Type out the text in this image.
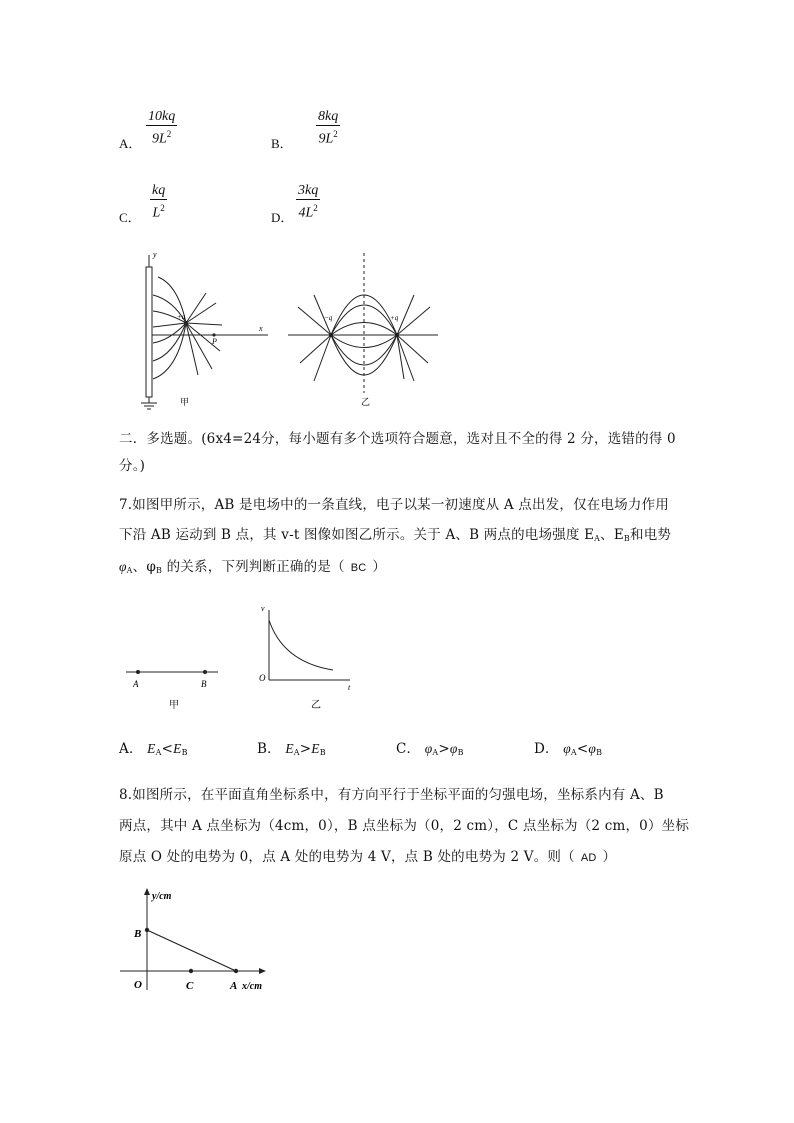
A．
10kq
$9L^2$
B．
8kq
$9L^2$
C．
kq
$L^2$
D．
3kq
$4L^2$
y
x
+q
P
甲
−q	+q
乙
二．多选题。(6x4=24分，每小题有多个选项符合题意，选对且不全的得 2 分，选错的得 0
分。)
7.如图甲所示，AB 是电场中的一条直线，电子以某一初速度从 A 点出发，仅在电场力作用
下沿 AB 运动到 B 点，其 v-t 图像如图乙所示。关于 A、B 两点的电场强度 $E_A$、$E_B$和电势
$\varphi_A$、$\varphi_B$ 的关系，下列判断正确的是（ BC ）
A	B
甲
v
O
t
乙
A． $E_A<E_B$	B． $E_A>E_B$	C． $\varphi_A>\varphi_B$	D． $\varphi_A<\varphi_B$
8.如图所示，在平面直角坐标系中，有方向平行于坐标平面的匀强电场，坐标系内有 A、B
两点，其中 A 点坐标为（4cm，0），B 点坐标为（0，2 cm），C 点坐标为（2 cm，0）坐标
原点 O 处的电势为 0，点 A 处的电势为 4 V，点 B 处的电势为 2 V。则（ AD ）
y/cm
x/cm
B
O	C	A
